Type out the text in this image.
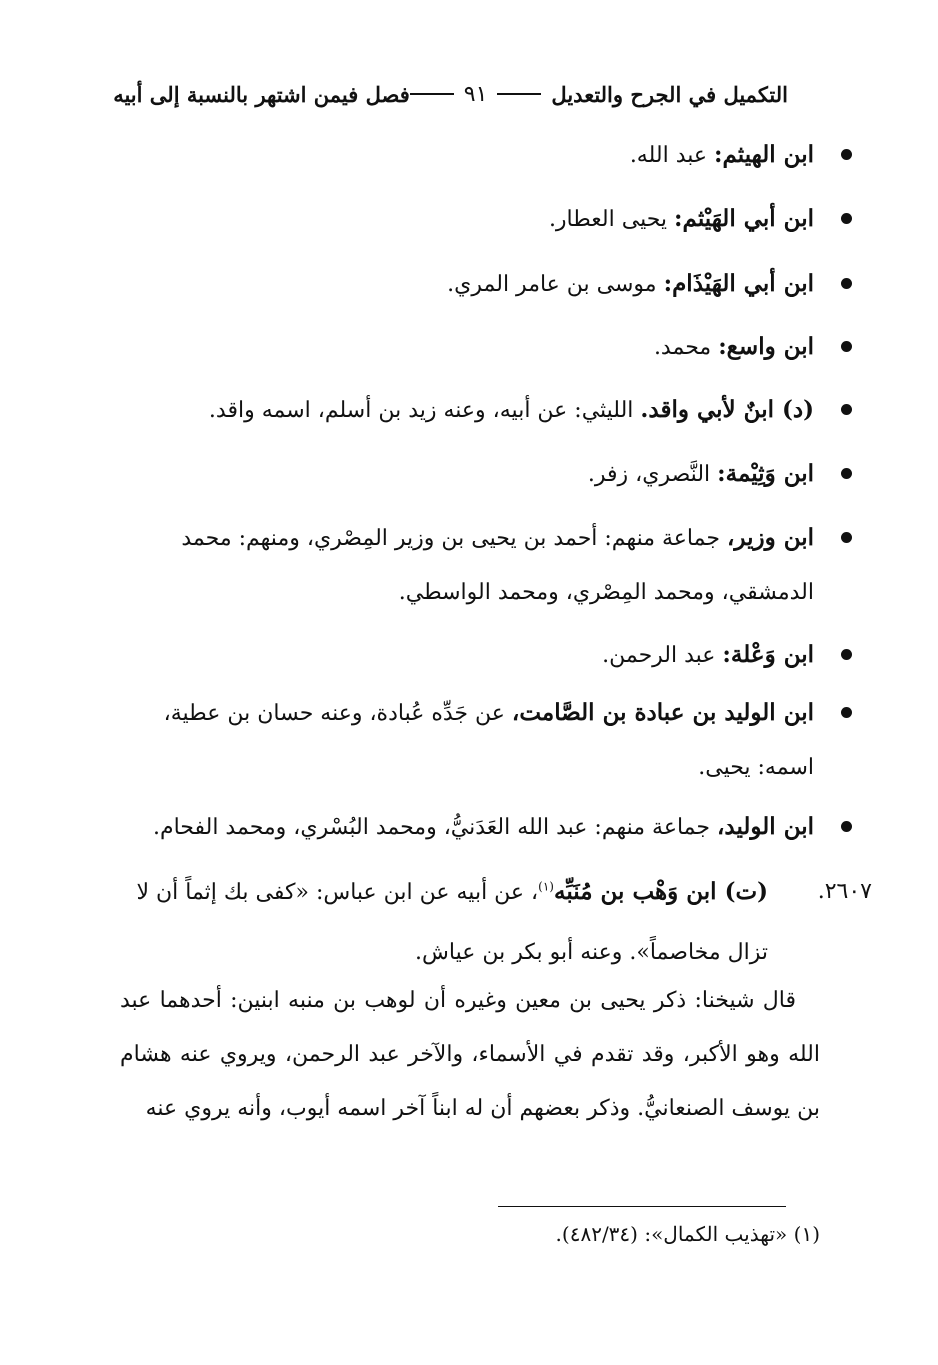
التكميل في الجرح والتعديل
٩١
فصل فيمن اشتهر بالنسبة إلى أبيه
ابن الهيثم: عبد الله.
ابن أبي الهَيْثم: يحيى العطار.
ابن أبي الهَيْذَام: موسى بن عامر المري.
ابن واسع: محمد.
(د) ابنٌ لأبي واقد. الليثي: عن أبيه، وعنه زيد بن أسلم، اسمه واقد.
ابن وَثِيْمة: النَّصري، زفر.
ابن وزير، جماعة منهم: أحمد بن يحيى بن وزير المِصْري، ومنهم: محمد الدمشقي، ومحمد المِصْري، ومحمد الواسطي.
ابن وَعْلة: عبد الرحمن.
ابن الوليد بن عبادة بن الصَّامت، عن جَدِّه عُبادة، وعنه حسان بن عطية، اسمه: يحيى.
ابن الوليد، جماعة منهم: عبد الله العَدَنيُّ، ومحمد البُسْري، ومحمد الفحام.
٢٦٠٧.
(ت) ابن وَهْب بن مُنَبِّه$^{(١)}$، عن أبيه عن ابن عباس: «كفى بك إثماً أن لا
تزال مخاصماً». وعنه أبو بكر بن عياش.
قال شيخنا: ذكر يحيى بن معين وغيره أن لوهب بن منبه ابنين: أحدهما عبد الله وهو الأكبر، وقد تقدم في الأسماء، والآخر عبد الرحمن، ويروي عنه هشام بن يوسف الصنعانيُّ. وذكر بعضهم أن له ابناً آخر اسمه أيوب، وأنه يروي عنه
(١) «تهذيب الكمال»: (٤٨٢/٣٤).
